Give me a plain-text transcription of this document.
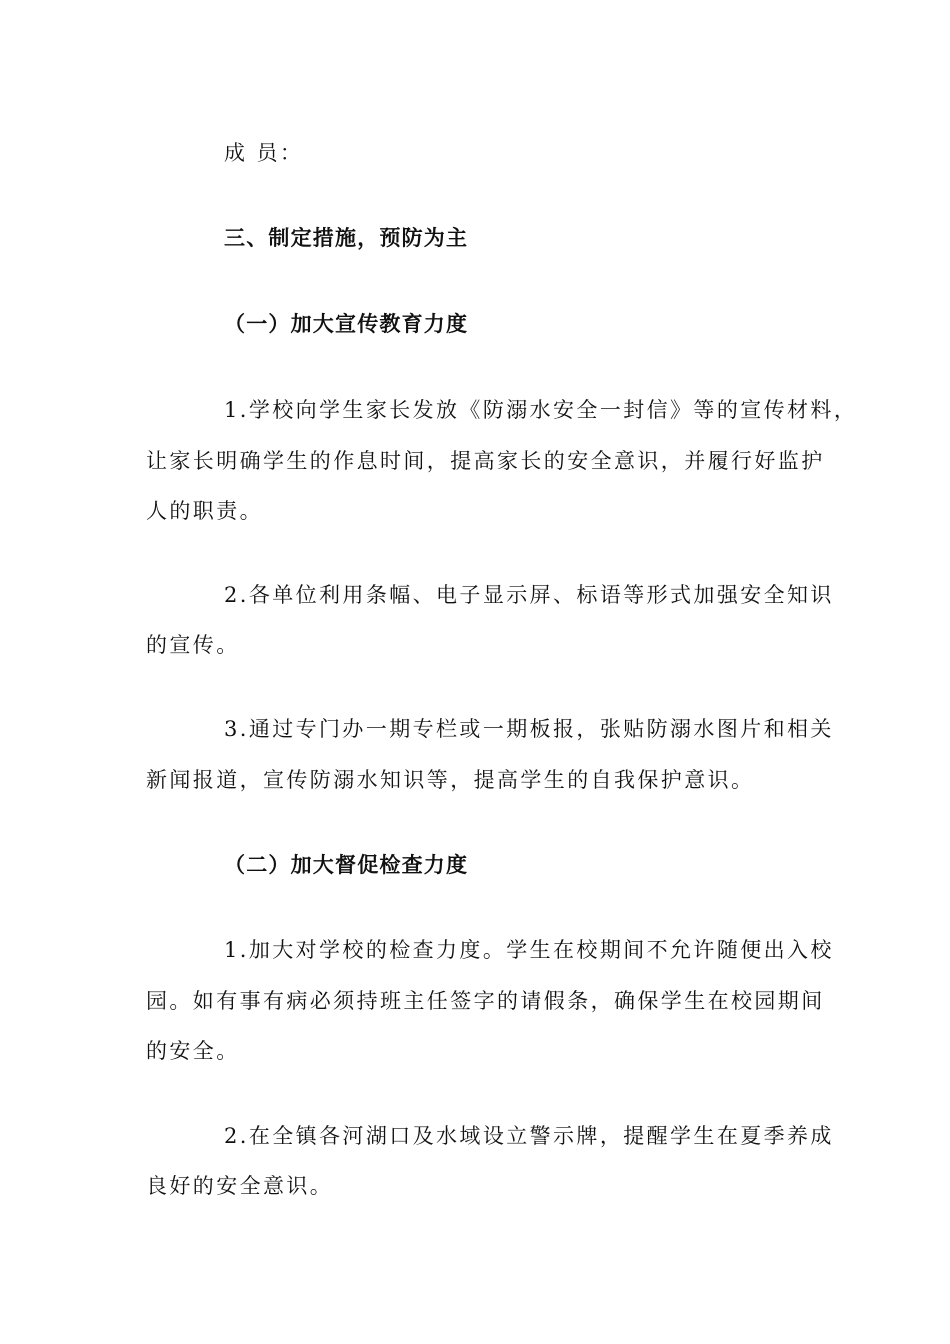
成 员：
三、制定措施，预防为主
（一）加大宣传教育力度
1.学校向学生家长发放《防溺水安全一封信》等的宣传材料，
让家长明确学生的作息时间，提高家长的安全意识，并履行好监护
人的职责。
2.各单位利用条幅、电子显示屏、标语等形式加强安全知识
的宣传。
3.通过专门办一期专栏或一期板报，张贴防溺水图片和相关
新闻报道，宣传防溺水知识等，提高学生的自我保护意识。
（二）加大督促检查力度
1.加大对学校的检查力度。学生在校期间不允许随便出入校
园。如有事有病必须持班主任签字的请假条，确保学生在校园期间
的安全。
2.在全镇各河湖口及水域设立警示牌，提醒学生在夏季养成
良好的安全意识。
